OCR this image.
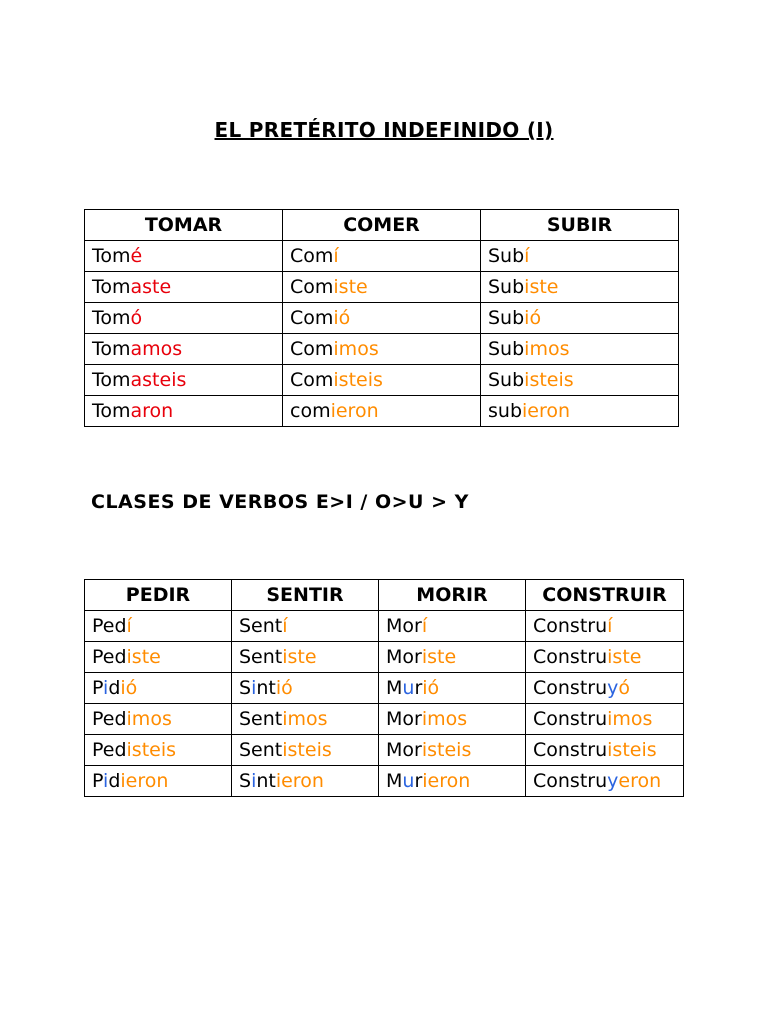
EL PRETÉRITO INDEFINIDO (I)
TOMAR	COMER	SUBIR
Tomé	Comí	Subí
Tomaste	Comiste	Subiste
Tomó	Comió	Subió
Tomamos	Comimos	Subimos
Tomasteis	Comisteis	Subisteis
Tomaron	comieron	subieron
CLASES DE VERBOS E>I / O>U > Y
PEDIR	SENTIR	MORIR	CONSTRUIR
Pedí	Sentí	Morí	Construí
Pediste	Sentiste	Moriste	Construiste
Pidió	Sintió	Murió	Construyó
Pedimos	Sentimos	Morimos	Construimos
Pedisteis	Sentisteis	Moristeis	Construisteis
Pidieron	Sintieron	Murieron	Construyeron
